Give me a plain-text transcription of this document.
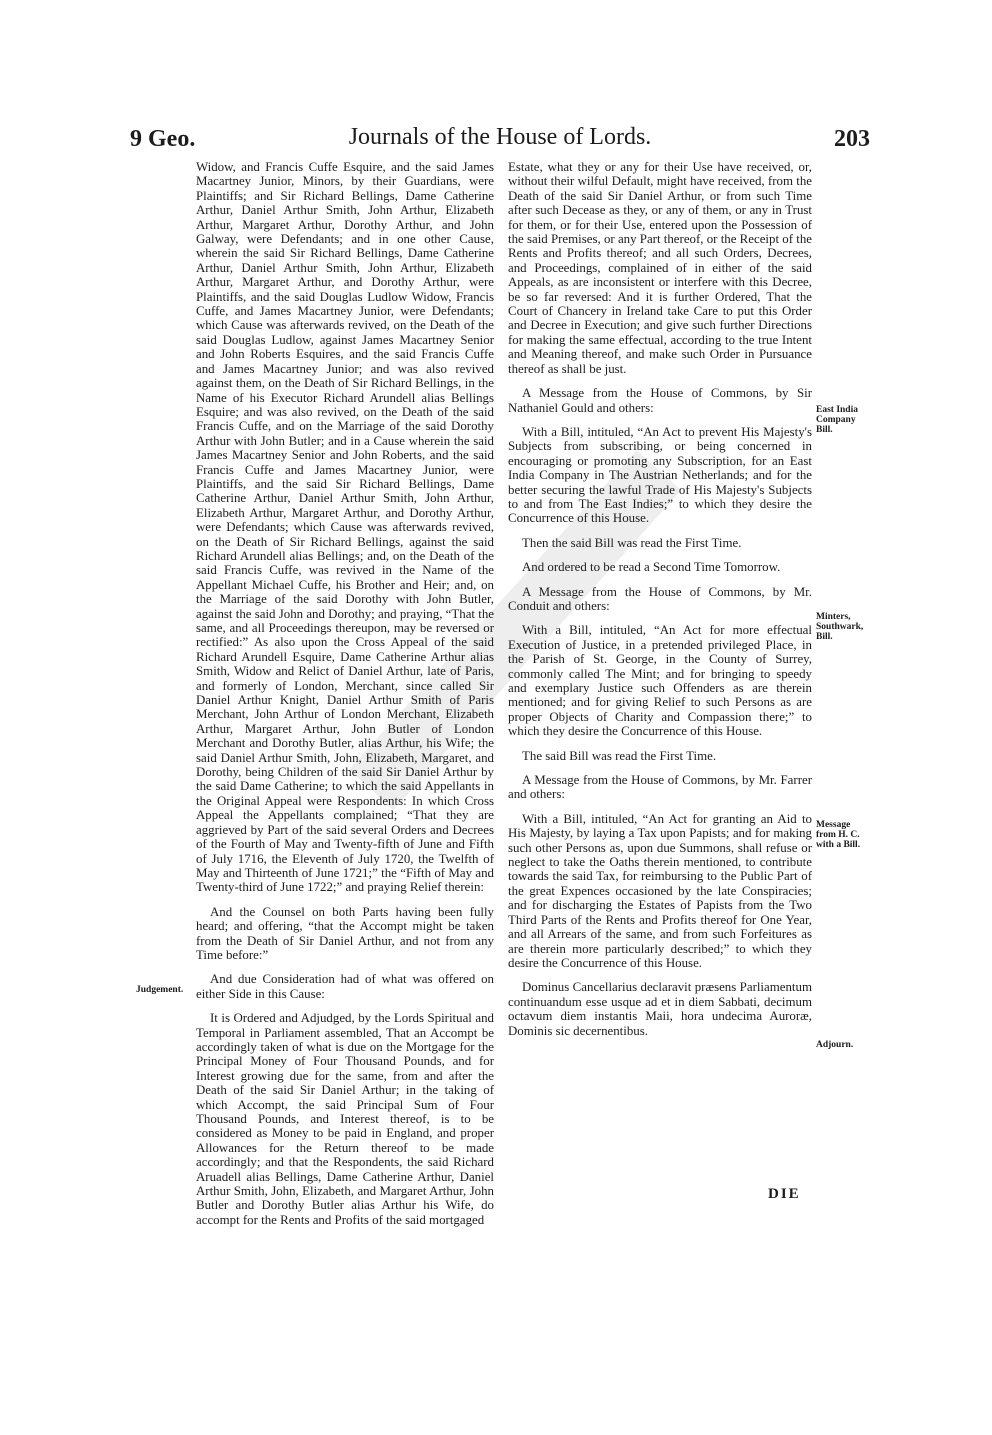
9 Geo.	Journals of the House of Lords.	203

Widow, and Francis Cuffe Esquire, and the said James Macartney Junior, Minors, by their Guardians, were Plaintiffs; and Sir Richard Bellings, Dame Catherine Arthur, Daniel Arthur Smith, John Arthur, Elizabeth Arthur, Margaret Arthur, Dorothy Arthur, and John Galway, were Defendants; and in one other Cause, wherein the said Sir Richard Bellings, Dame Catherine Arthur, Daniel Arthur Smith, John Arthur, Elizabeth Arthur, Margaret Arthur, and Dorothy Arthur, were Plaintiffs, and the said Douglas Ludlow Widow, Francis Cuffe, and James Macartney Junior, were Defendants; which Cause was afterwards revived, on the Death of the said Douglas Ludlow, against James Macartney Senior and John Roberts Esquires, and the said Francis Cuffe and James Macartney Junior; and was also revived against them, on the Death of Sir Richard Bellings, in the Name of his Executor Richard Arundell alias Bellings Esquire; and was also revived, on the Death of the said Francis Cuffe, and on the Marriage of the said Dorothy Arthur with John Butler; and in a Cause wherein the said James Macartney Senior and John Roberts, and the said Francis Cuffe and James Macartney Junior, were Plaintiffs, and the said Sir Richard Bellings, Dame Catherine Arthur, Daniel Arthur Smith, John Arthur, Elizabeth Arthur, Margaret Arthur, and Dorothy Arthur, were Defendants; which Cause was afterwards revived, on the Death of Sir Richard Bellings, against the said Richard Arundell alias Bellings; and, on the Death of the said Francis Cuffe, was revived in the Name of the Appellant Michael Cuffe, his Brother and Heir; and, on the Marriage of the said Dorothy with John Butler, against the said John and Dorothy; and praying, “That the same, and all Proceedings thereupon, may be reversed or rectified:” As also upon the Cross Appeal of the said Richard Arundell Esquire, Dame Catherine Arthur alias Smith, Widow and Relict of Daniel Arthur, late of Paris, and formerly of London, Merchant, since called Sir Daniel Arthur Knight, Daniel Arthur Smith of Paris Merchant, John Arthur of London Merchant, Elizabeth Arthur, Margaret Arthur, John Butler of London Merchant and Dorothy Butler, alias Arthur, his Wife; the said Daniel Arthur Smith, John, Elizabeth, Margaret, and Dorothy, being Children of the said Sir Daniel Arthur by the said Dame Catherine; to which the said Appellants in the Original Appeal were Respondents: In which Cross Appeal the Appellants complained; “That they are aggrieved by Part of the said several Orders and Decrees of the Fourth of May and Twenty-fifth of June and Fifth of July 1716, the Eleventh of July 1720, the Twelfth of May and Thirteenth of June 1721;” the “Fifth of May and Twenty-third of June 1722;” and praying Relief therein:

And the Counsel on both Parts having been fully heard; and offering, “that the Accompt might be taken from the Death of Sir Daniel Arthur, and not from any Time before:”

And due Consideration had of what was offered on either Side in this Cause:

It is Ordered and Adjudged, by the Lords Spiritual and Temporal in Parliament assembled, That an Accompt be accordingly taken of what is due on the Mortgage for the Principal Money of Four Thousand Pounds, and for Interest growing due for the same, from and after the Death of the said Sir Daniel Arthur; in the taking of which Accompt, the said Principal Sum of Four Thousand Pounds, and Interest thereof, is to be considered as Money to be paid in England, and proper Allowances for the Return thereof to be made accordingly; and that the Respondents, the said Richard Aruadell alias Bellings, Dame Catherine Arthur, Daniel Arthur Smith, John, Elizabeth, and Margaret Arthur, John Butler and Dorothy Butler alias Arthur his Wife, do accompt for the Rents and Profits of the said mortgaged

Estate, what they or any for their Use have received, or, without their wilful Default, might have received, from the Death of the said Sir Daniel Arthur, or from such Time after such Decease as they, or any of them, or any in Trust for them, or for their Use, entered upon the Possession of the said Premises, or any Part thereof, or the Receipt of the Rents and Profits thereof; and all such Orders, Decrees, and Proceedings, complained of in either of the said Appeals, as are inconsistent or interfere with this Decree, be so far reversed: And it is further Ordered, That the Court of Chancery in Ireland take Care to put this Order and Decree in Execution; and give such further Directions for making the same effectual, according to the true Intent and Meaning thereof, and make such Order in Pursuance thereof as shall be just.

A Message from the House of Commons, by Sir Nathaniel Gould and others:

With a Bill, intituled, “An Act to prevent His Majesty's Subjects from subscribing, or being concerned in encouraging or promoting any Subscription, for an East India Company in The Austrian Netherlands; and for the better securing the lawful Trade of His Majesty's Subjects to and from The East Indies;” to which they desire the Concurrence of this House.

Then the said Bill was read the First Time.

And ordered to be read a Second Time Tomorrow.

A Message from the House of Commons, by Mr. Conduit and others:

With a Bill, intituled, “An Act for more effectual Execution of Justice, in a pretended privileged Place, in the Parish of St. George, in the County of Surrey, commonly called The Mint; and for bringing to speedy and exemplary Justice such Offenders as are therein mentioned; and for giving Relief to such Persons as are proper Objects of Charity and Compassion there;” to which they desire the Concurrence of this House.

The said Bill was read the First Time.

A Message from the House of Commons, by Mr. Farrer and others:

With a Bill, intituled, “An Act for granting an Aid to His Majesty, by laying a Tax upon Papists; and for making such other Persons as, upon due Summons, shall refuse or neglect to take the Oaths therein mentioned, to contribute towards the said Tax, for reimbursing to the Public Part of the great Expences occasioned by the late Conspiracies; and for discharging the Estates of Papists from the Two Third Parts of the Rents and Profits thereof for One Year, and all Arrears of the same, and from such Forfeitures as are therein more particularly described;” to which they desire the Concurrence of this House.

Dominus Cancellarius declaravit præsens Parliamentum continuandum esse usque ad et in diem Sabbati, decimum octavum diem instantis Maii, hora undecima Auroræ, Dominis sic decernentibus.

Judgement.
East India Company Bill.
Minters, Southwark, Bill.
Message from H. C. with a Bill.
Adjourn.
DIE
